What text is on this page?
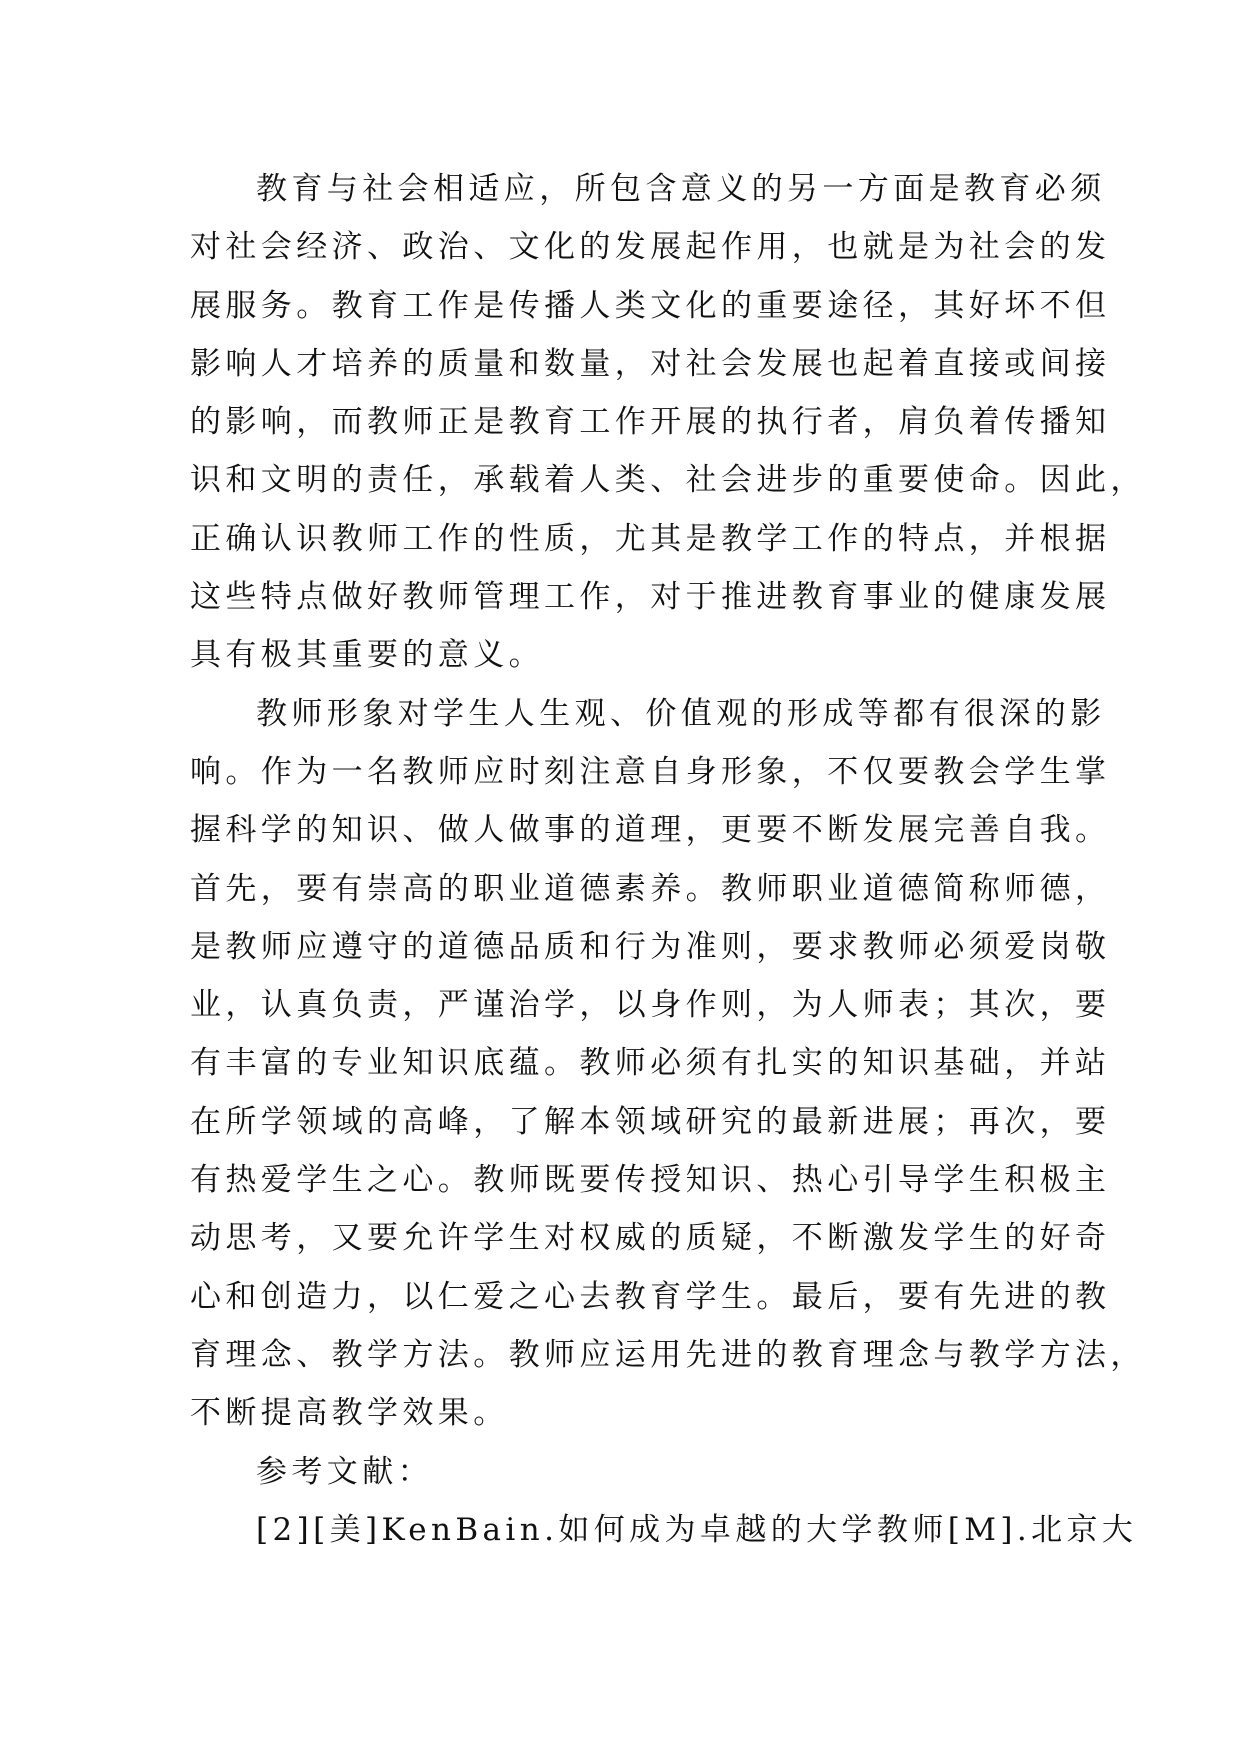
教育与社会相适应，所包含意义的另一方面是教育必须
对社会经济、政治、文化的发展起作用，也就是为社会的发
展服务。教育工作是传播人类文化的重要途径，其好坏不但
影响人才培养的质量和数量，对社会发展也起着直接或间接
的影响，而教师正是教育工作开展的执行者，肩负着传播知
识和文明的责任，承载着人类、社会进步的重要使命。因此，
正确认识教师工作的性质，尤其是教学工作的特点，并根据
这些特点做好教师管理工作，对于推进教育事业的健康发展
具有极其重要的意义。
教师形象对学生人生观、价值观的形成等都有很深的影
响。作为一名教师应时刻注意自身形象，不仅要教会学生掌
握科学的知识、做人做事的道理，更要不断发展完善自我。
首先，要有崇高的职业道德素养。教师职业道德简称师德，
是教师应遵守的道德品质和行为准则，要求教师必须爱岗敬
业，认真负责，严谨治学，以身作则，为人师表；其次，要
有丰富的专业知识底蕴。教师必须有扎实的知识基础，并站
在所学领域的高峰，了解本领域研究的最新进展；再次，要
有热爱学生之心。教师既要传授知识、热心引导学生积极主
动思考，又要允许学生对权威的质疑，不断激发学生的好奇
心和创造力，以仁爱之心去教育学生。最后，要有先进的教
育理念、教学方法。教师应运用先进的教育理念与教学方法，
不断提高教学效果。
参考文献：
[2][美]KenBain.如何成为卓越的大学教师[M].北京大
